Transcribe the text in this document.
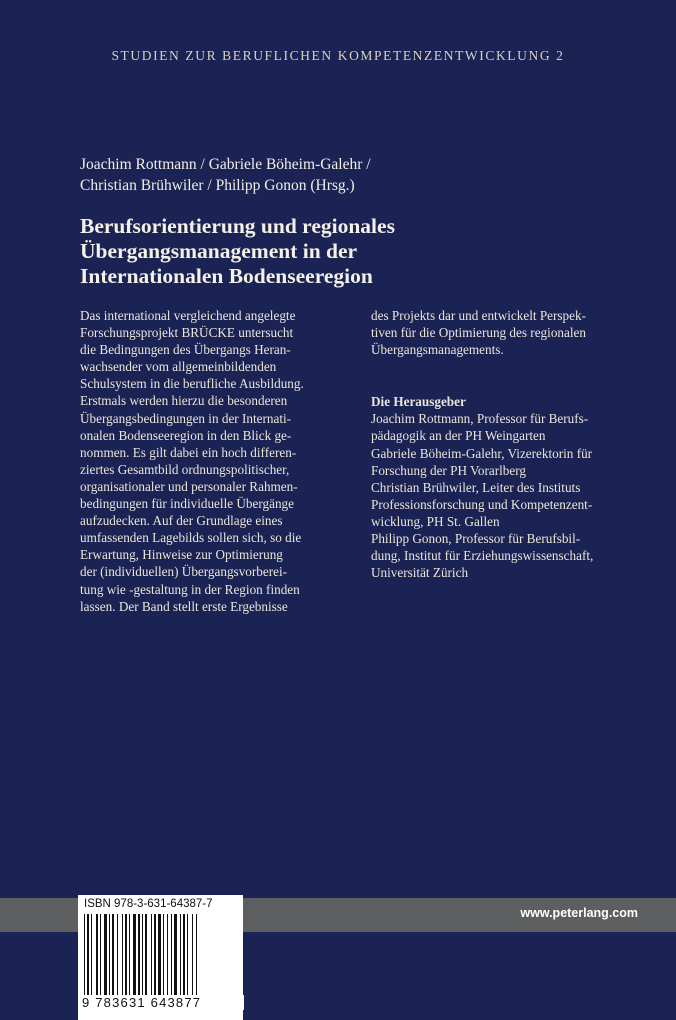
STUDIEN ZUR BERUFLICHEN KOMPETENZENTWICKLUNG 2
Joachim Rottmann / Gabriele Böheim-Galehr /
Christian Brühwiler / Philipp Gonon (Hrsg.)
Berufsorientierung und regionales
Übergangsmanagement in der
Internationalen Bodenseeregion
Das international vergleichend angelegte
Forschungsprojekt BRÜCKE untersucht
die Bedingungen des Übergangs Heran-
wachsender vom allgemeinbildenden
Schulsystem in die berufliche Ausbildung.
Erstmals werden hierzu die besonderen
Übergangsbedingungen in der Internati-
onalen Bodenseeregion in den Blick ge-
nommen. Es gilt dabei ein hoch differen-
ziertes Gesamtbild ordnungspolitischer,
organisationaler und personaler Rahmen-
bedingungen für individuelle Übergänge
aufzudecken. Auf der Grundlage eines
umfassenden Lagebilds sollen sich, so die
Erwartung, Hinweise zur Optimierung
der (individuellen) Übergangsvorberei-
tung wie -gestaltung in der Region finden
lassen. Der Band stellt erste Ergebnisse
des Projekts dar und entwickelt Perspek-
tiven für die Optimierung des regionalen
Übergangsmanagements.
Die Herausgeber
Joachim Rottmann, Professor für Berufs-
pädagogik an der PH Weingarten
Gabriele Böheim-Galehr, Vizerektorin für
Forschung der PH Vorarlberg
Christian Brühwiler, Leiter des Instituts
Professionsforschung und Kompetenzent-
wicklung, PH St. Gallen
Philipp Gonon, Professor für Berufsbil-
dung, Institut für Erziehungswissenschaft,
Universität Zürich
www.peterlang.com
ISBN 978-3-631-64387-7
9 783631 643877
